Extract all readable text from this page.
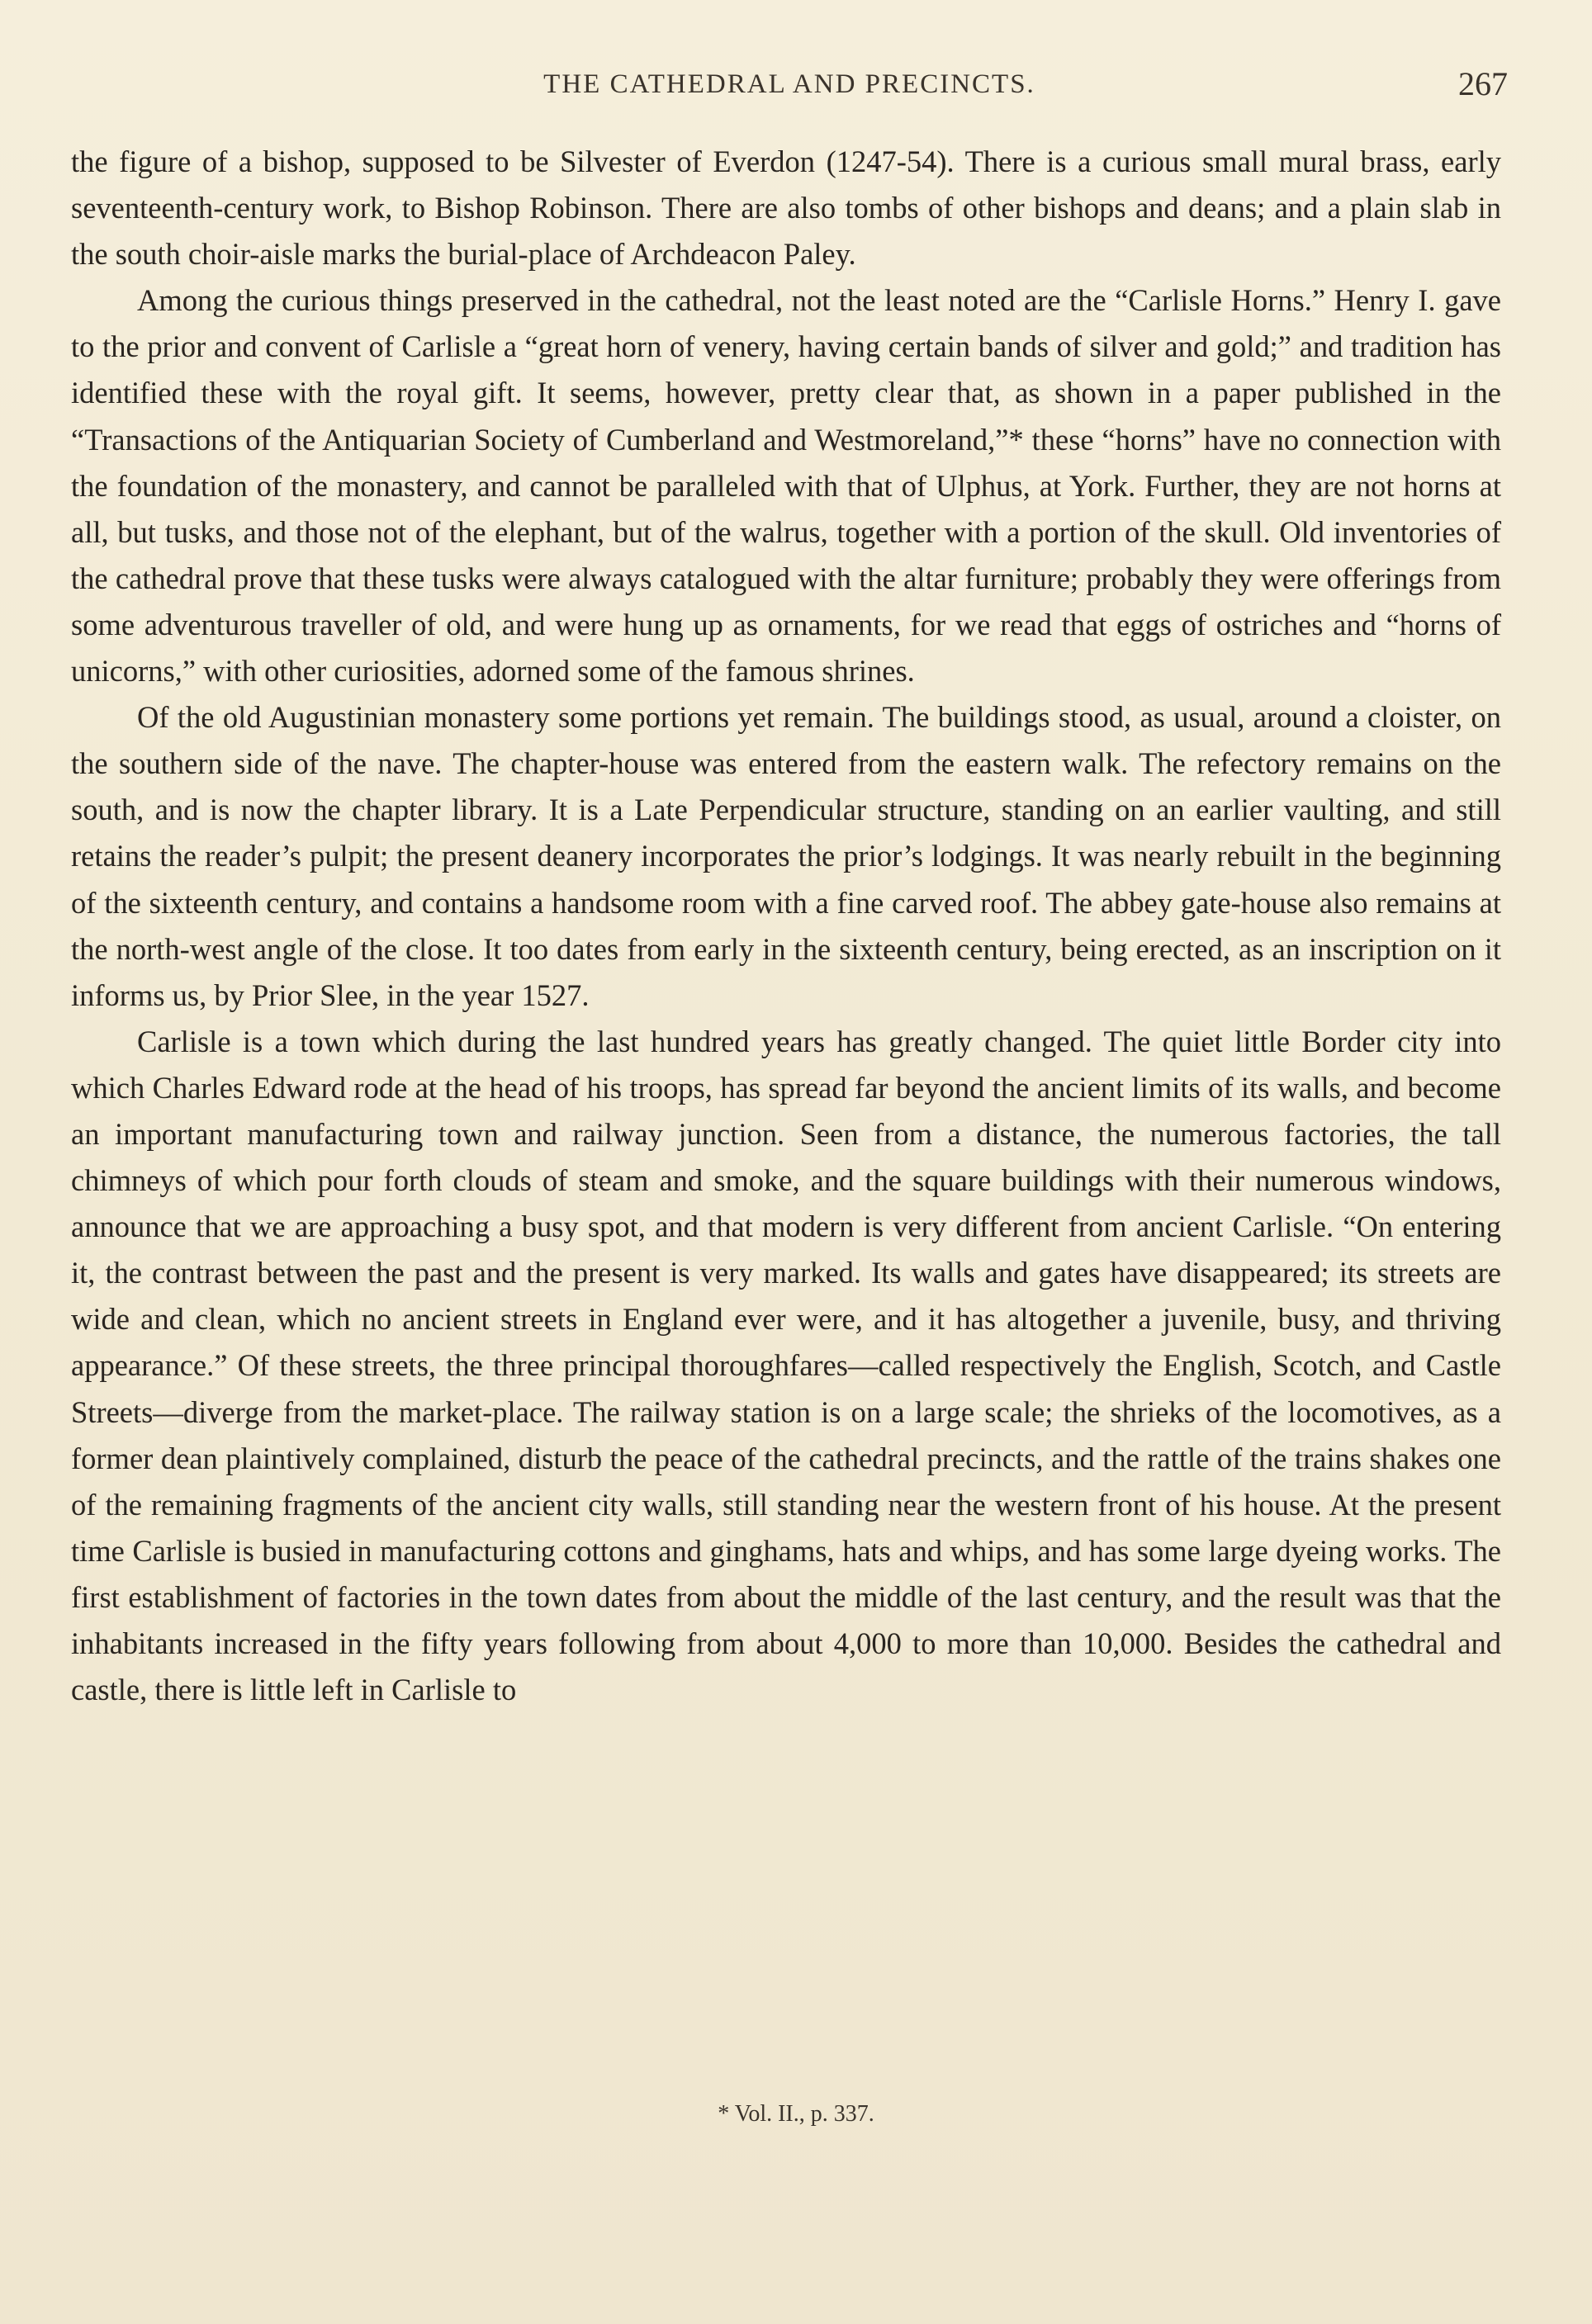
THE CATHEDRAL AND PRECINCTS.	267

the figure of a bishop, supposed to be Silvester of Everdon (1247-54). There is a curious small mural brass, early seventeenth-century work, to Bishop Robinson. There are also tombs of other bishops and deans; and a plain slab in the south choir-aisle marks the burial-place of Archdeacon Paley.

Among the curious things preserved in the cathedral, not the least noted are the “Carlisle Horns.” Henry I. gave to the prior and convent of Carlisle a “great horn of venery, having certain bands of silver and gold;” and tradition has identified these with the royal gift. It seems, however, pretty clear that, as shown in a paper published in the “Transactions of the Antiquarian Society of Cumberland and Westmoreland,”* these “horns” have no connection with the foundation of the monastery, and cannot be paralleled with that of Ulphus, at York. Further, they are not horns at all, but tusks, and those not of the elephant, but of the walrus, together with a portion of the skull. Old inventories of the cathedral prove that these tusks were always catalogued with the altar furniture; probably they were offerings from some adventurous traveller of old, and were hung up as ornaments, for we read that eggs of ostriches and “horns of unicorns,” with other curiosities, adorned some of the famous shrines.

Of the old Augustinian monastery some portions yet remain. The buildings stood, as usual, around a cloister, on the southern side of the nave. The chapter-house was entered from the eastern walk. The refectory remains on the south, and is now the chapter library. It is a Late Perpendicular structure, standing on an earlier vaulting, and still retains the reader’s pulpit; the present deanery incorporates the prior’s lodgings. It was nearly rebuilt in the beginning of the sixteenth century, and contains a handsome room with a fine carved roof. The abbey gate-house also remains at the north-west angle of the close. It too dates from early in the sixteenth century, being erected, as an inscription on it informs us, by Prior Slee, in the year 1527.

Carlisle is a town which during the last hundred years has greatly changed. The quiet little Border city into which Charles Edward rode at the head of his troops, has spread far beyond the ancient limits of its walls, and become an important manufacturing town and railway junction. Seen from a distance, the numerous factories, the tall chimneys of which pour forth clouds of steam and smoke, and the square buildings with their numerous windows, announce that we are approaching a busy spot, and that modern is very different from ancient Carlisle. “On entering it, the contrast between the past and the present is very marked. Its walls and gates have disappeared; its streets are wide and clean, which no ancient streets in England ever were, and it has altogether a juvenile, busy, and thriving appearance.” Of these streets, the three principal thoroughfares—called respectively the English, Scotch, and Castle Streets—diverge from the market-place. The railway station is on a large scale; the shrieks of the locomotives, as a former dean plaintively complained, disturb the peace of the cathedral precincts, and the rattle of the trains shakes one of the remaining fragments of the ancient city walls, still standing near the western front of his house. At the present time Carlisle is busied in manufacturing cottons and ginghams, hats and whips, and has some large dyeing works. The first establishment of factories in the town dates from about the middle of the last century, and the result was that the inhabitants increased in the fifty years following from about 4,000 to more than 10,000. Besides the cathedral and castle, there is little left in Carlisle to

* Vol. II., p. 337.
